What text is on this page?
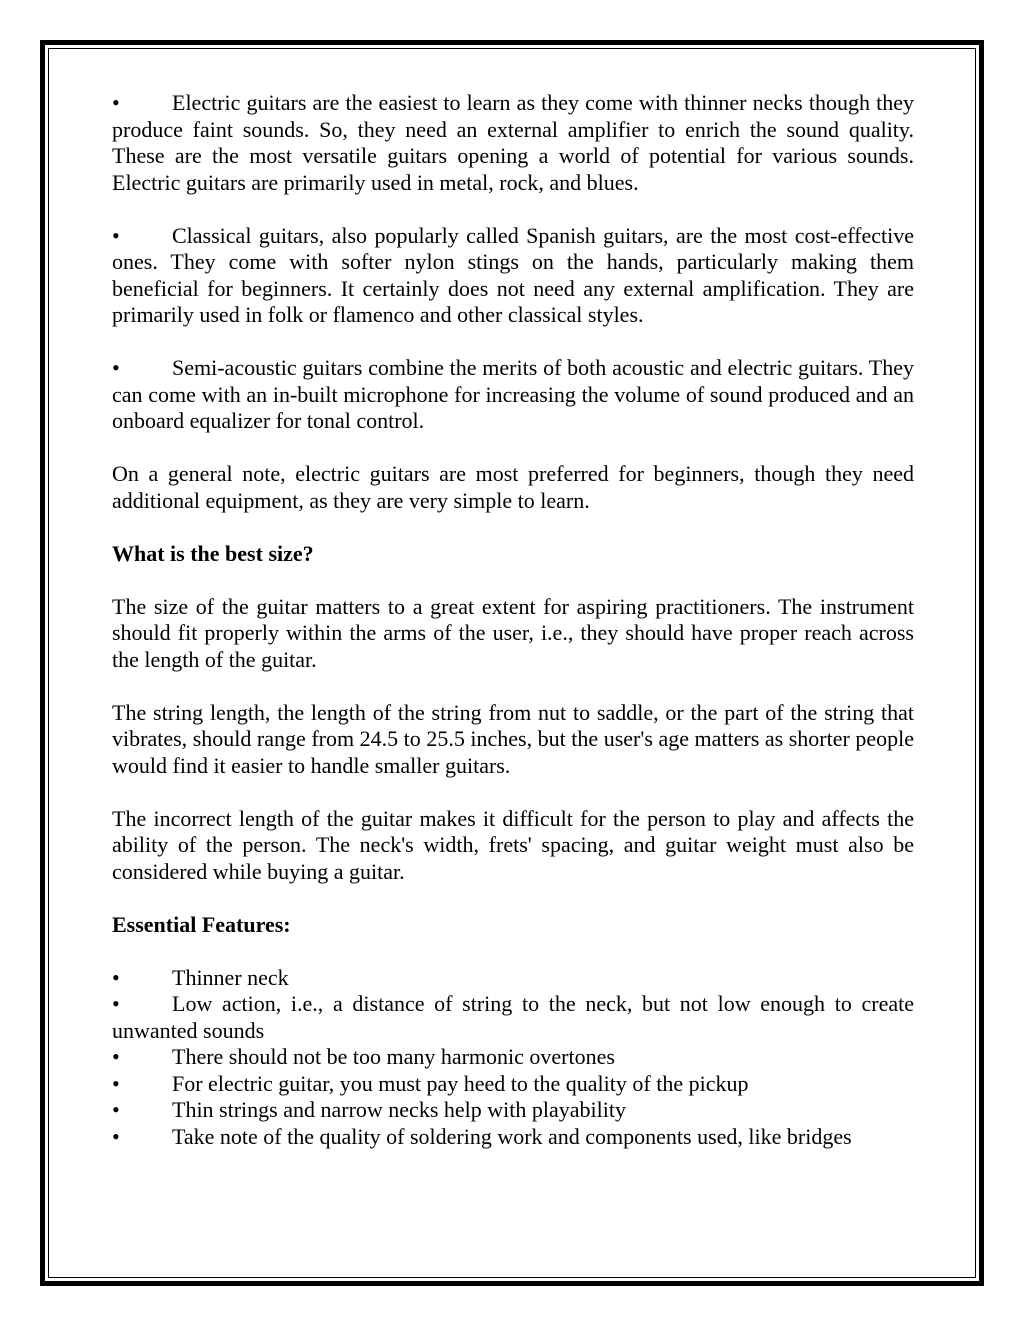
• Electric guitars are the easiest to learn as they come with thinner necks though they produce faint sounds. So, they need an external amplifier to enrich the sound quality. These are the most versatile guitars opening a world of potential for various sounds. Electric guitars are primarily used in metal, rock, and blues.

• Classical guitars, also popularly called Spanish guitars, are the most cost-effective ones. They come with softer nylon stings on the hands, particularly making them beneficial for beginners. It certainly does not need any external amplification. They are primarily used in folk or flamenco and other classical styles.

• Semi-acoustic guitars combine the merits of both acoustic and electric guitars. They can come with an in-built microphone for increasing the volume of sound produced and an onboard equalizer for tonal control.

On a general note, electric guitars are most preferred for beginners, though they need additional equipment, as they are very simple to learn.

What is the best size?

The size of the guitar matters to a great extent for aspiring practitioners. The instrument should fit properly within the arms of the user, i.e., they should have proper reach across the length of the guitar.

The string length, the length of the string from nut to saddle, or the part of the string that vibrates, should range from 24.5 to 25.5 inches, but the user's age matters as shorter people would find it easier to handle smaller guitars.

The incorrect length of the guitar makes it difficult for the person to play and affects the ability of the person. The neck's width, frets' spacing, and guitar weight must also be considered while buying a guitar.

Essential Features:

• Thinner neck

• Low action, i.e., a distance of string to the neck, but not low enough to create unwanted sounds

• There should not be too many harmonic overtones

• For electric guitar, you must pay heed to the quality of the pickup

• Thin strings and narrow necks help with playability

• Take note of the quality of soldering work and components used, like bridges
